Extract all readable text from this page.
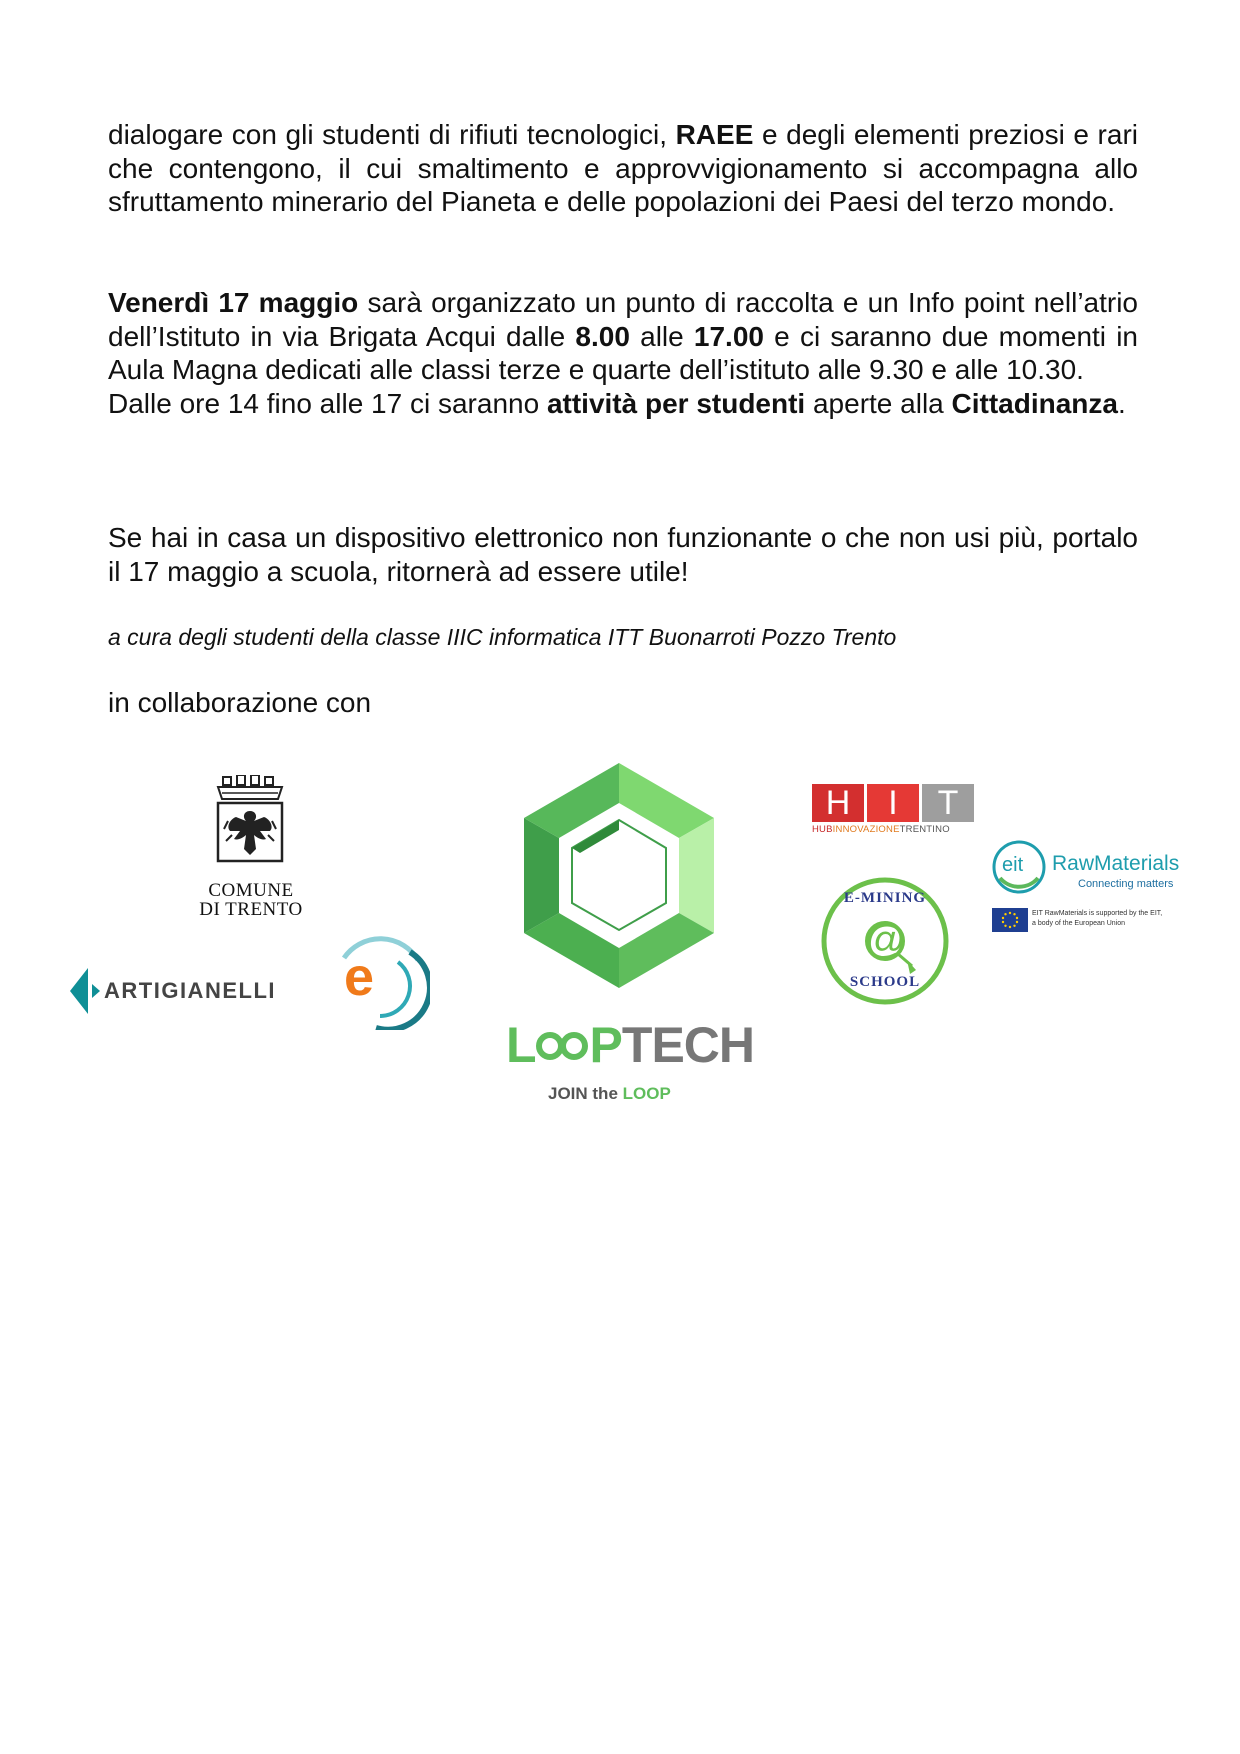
dialogare con gli studenti di rifiuti tecnologici, RAEE e degli elementi preziosi e rari che contengono, il cui smaltimento e approvvigionamento si accompagna allo sfruttamento minerario del Pianeta e delle popolazioni dei Paesi del terzo mondo.
Venerdì 17 maggio sarà organizzato un punto di raccolta e un Info point nell’atrio dell’Istituto in via Brigata Acqui dalle 8.00 alle 17.00 e ci saranno due momenti in Aula Magna dedicati alle classi terze e quarte dell’istituto alle 9.30 e alle 10.30.
Dalle ore 14 fino alle 17 ci saranno attività per studenti aperte alla Cittadinanza.
Se hai in casa un dispositivo elettronico non funzionante o che non usi più, portalo il 17 maggio a scuola, ritornerà ad essere utile!
a cura degli studenti della classe IIIC informatica ITT Buonarroti Pozzo Trento
in collaborazione con
COMUNE
DI TRENTO
ARTIGIANELLI e
L PTECH
JOIN the LOOP
H	I	T
HUBINNOVAZIONETRENTINO
eit RawMaterials
Connecting matters
EIT RawMaterials is supported by the EIT,
a body of the European Union
@
E-MINING
SCHOOL
